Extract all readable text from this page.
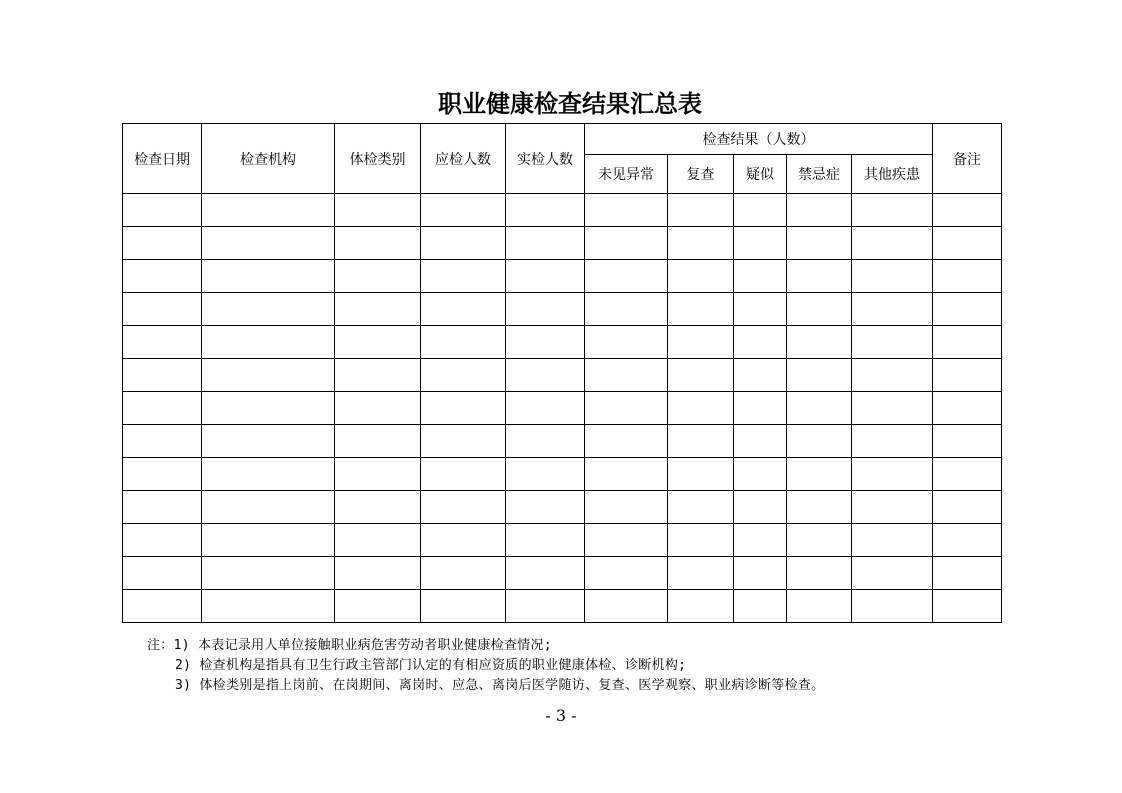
职业健康检查结果汇总表
检查日期	检查机构	体检类别	应检人数	实检人数	检查结果（人数）					备注
					未见异常	复查	疑似	禁忌症	其他疾患	

注：1) 本表记录用人单位接触职业病危害劳动者职业健康检查情况;
2) 检查机构是指具有卫生行政主管部门认定的有相应资质的职业健康体检、诊断机构;
3) 体检类别是指上岗前、在岗期间、离岗时、应急、离岗后医学随访、复查、医学观察、职业病诊断等检查。
- 3 -
